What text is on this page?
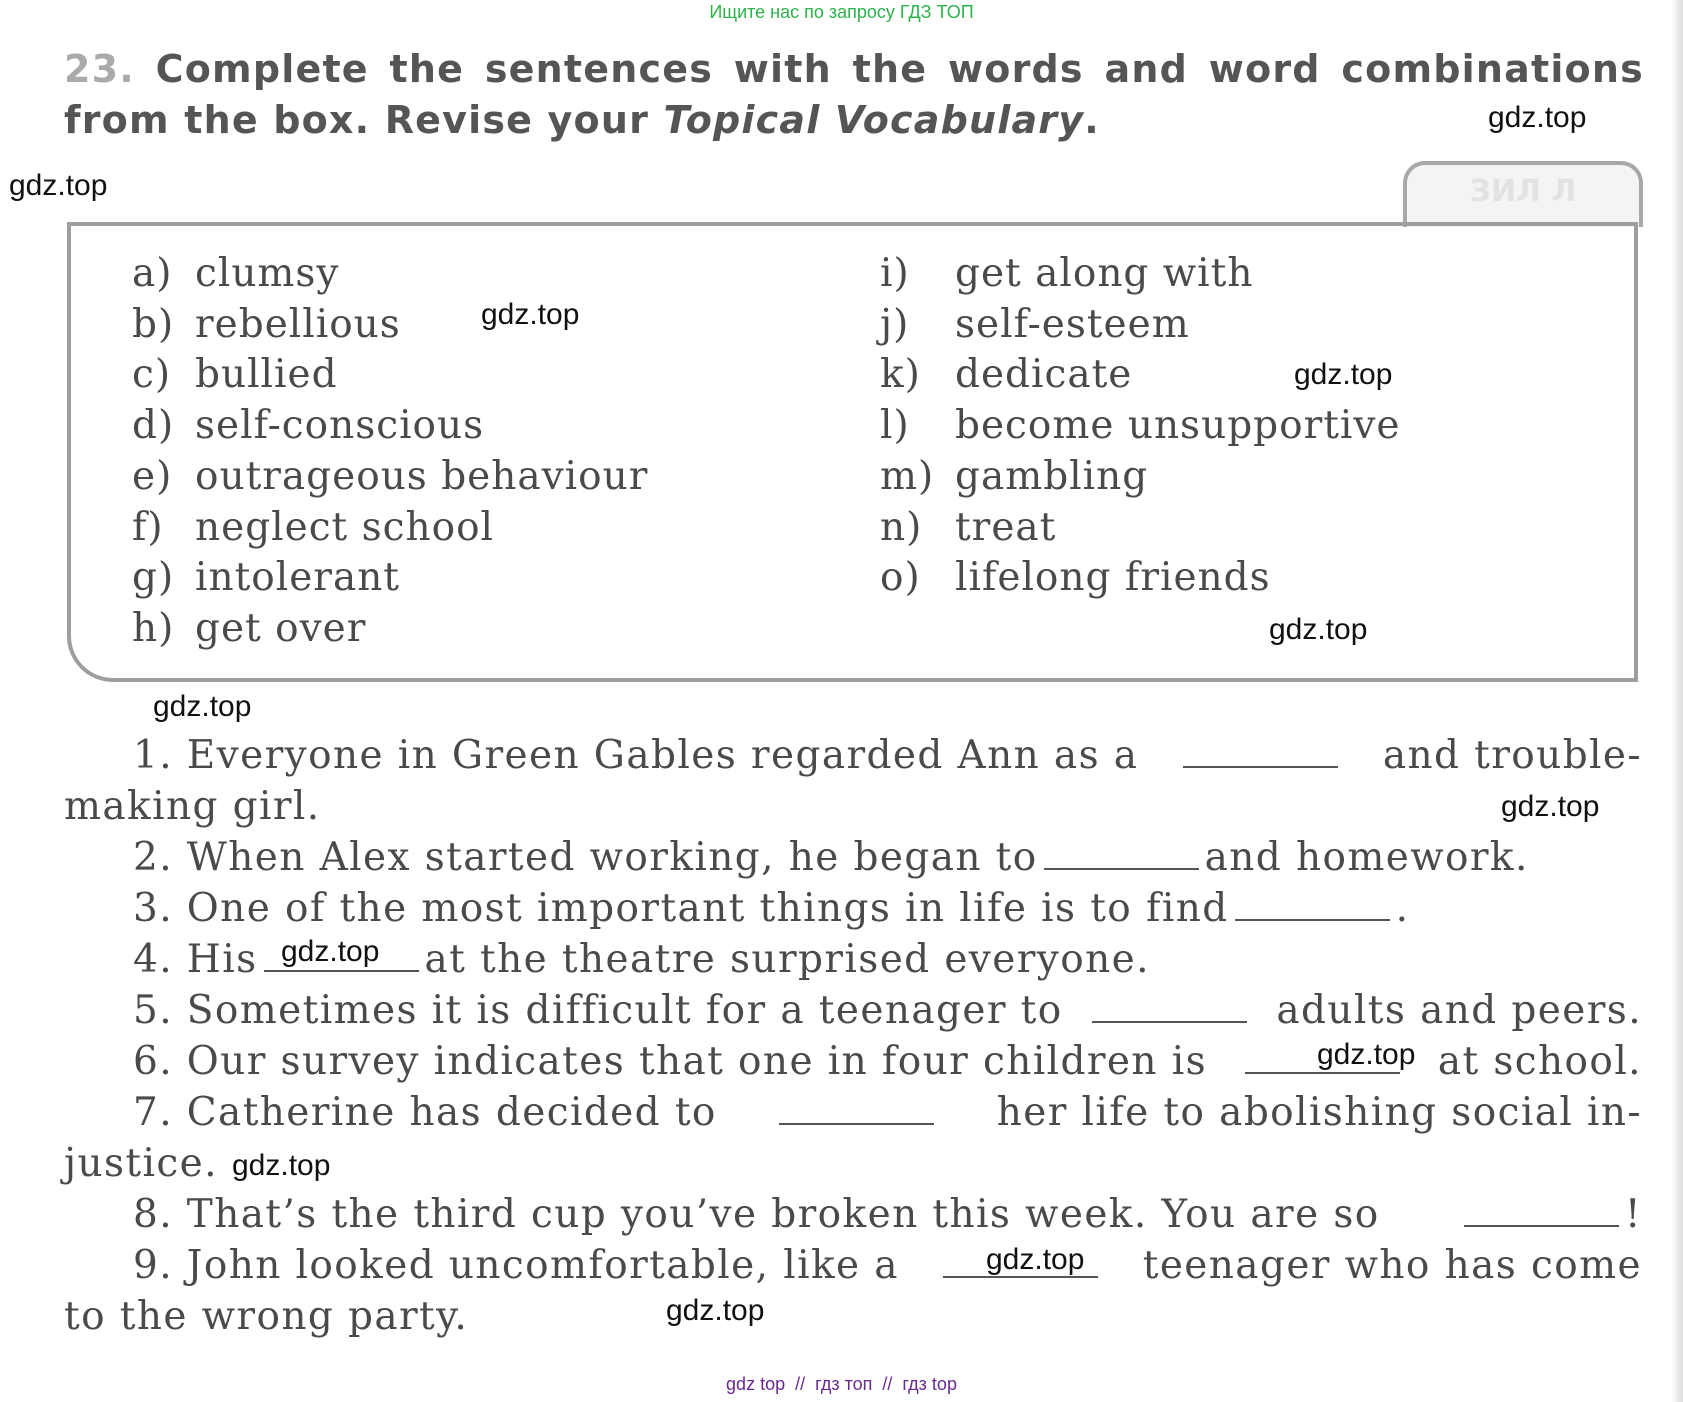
Ищите нас по запросу ГДЗ ТОП
23. Complete the sentences with the words and word combinations
from the box. Revise your Topical Vocabulary.
ЗИЛ Л
a) clumsy
b) rebellious
c) bullied
d) self-conscious
e) outrageous behaviour
f) neglect school
g) intolerant
h) get over
i)	get along with
j)	self-esteem
k) dedicate
l)	become unsupportive
m) gambling
n) treat
o) lifelong friends
1. Everyone in Green Gables regarded Ann as a	and trouble-
making girl.
2. When Alex started working, he began to	and homework.
3. One of the most important things in life is to find	.
4. His	at the theatre surprised everyone.
5. Sometimes it is difficult for a teenager to	adults and peers.
6. Our survey indicates that one in four children is	at school.
7. Catherine has decided to	her life to abolishing social in-
justice.
8. That’s the third cup you’ve broken this week. You are so	!
9. John looked uncomfortable, like a	teenager who has come
to the wrong party.
gdz.top
gdz.top
gdz.top
gdz.top
gdz.top
gdz.top
gdz.top
gdz.top
gdz.top
gdz.top
gdz.top
gdz.top
gdz top  //  гдз топ  //  гдз top
